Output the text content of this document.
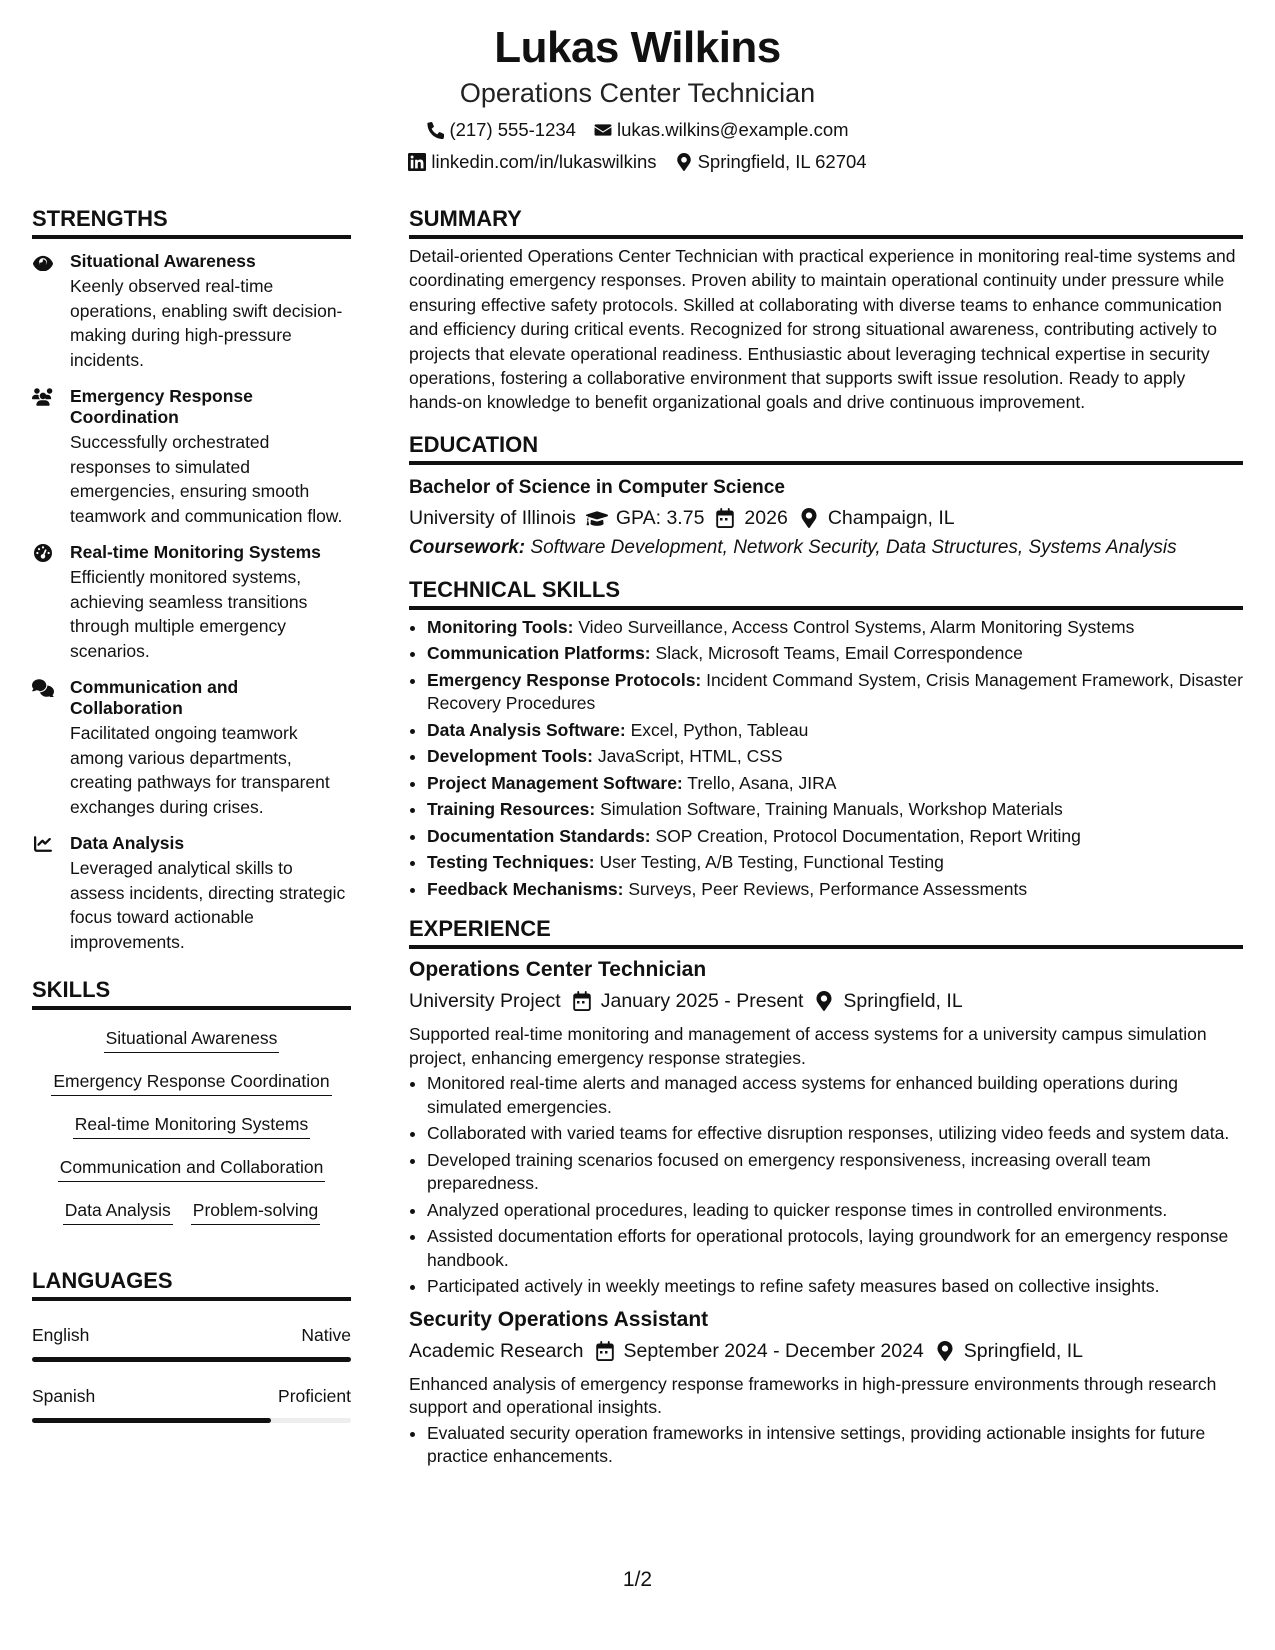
Lukas Wilkins
Operations Center Technician
(217) 555-1234 lukas.wilkins@example.com
linkedin.com/in/lukaswilkins Springfield, IL 62704
STRENGTHS
Situational Awareness
Keenly observed real-time operations, enabling swift decision-making during high-pressure incidents.
Emergency Response Coordination
Successfully orchestrated responses to simulated emergencies, ensuring smooth teamwork and communication flow.
Real-time Monitoring Systems
Efficiently monitored systems, achieving seamless transitions through multiple emergency scenarios.
Communication and Collaboration
Facilitated ongoing teamwork among various departments, creating pathways for transparent exchanges during crises.
Data Analysis
Leveraged analytical skills to assess incidents, directing strategic focus toward actionable improvements.
SKILLS
Situational Awareness
Emergency Response Coordination
Real-time Monitoring Systems
Communication and Collaboration
Data Analysis Problem-solving
LANGUAGES
English	Native
Spanish	Proficient
SUMMARY
Detail-oriented Operations Center Technician with practical experience in monitoring real-time systems and coordinating emergency responses. Proven ability to maintain operational continuity under pressure while ensuring effective safety protocols. Skilled at collaborating with diverse teams to enhance communication and efficiency during critical events. Recognized for strong situational awareness, contributing actively to projects that elevate operational readiness. Enthusiastic about leveraging technical expertise in security operations, fostering a collaborative environment that supports swift issue resolution. Ready to apply hands-on knowledge to benefit organizational goals and drive continuous improvement.
EDUCATION
Bachelor of Science in Computer Science
University of Illinois GPA: 3.75 2026 Champaign, IL
Coursework: Software Development, Network Security, Data Structures, Systems Analysis
TECHNICAL SKILLS
• Monitoring Tools: Video Surveillance, Access Control Systems, Alarm Monitoring Systems
• Communication Platforms: Slack, Microsoft Teams, Email Correspondence
• Emergency Response Protocols: Incident Command System, Crisis Management Framework, Disaster Recovery Procedures
• Data Analysis Software: Excel, Python, Tableau
• Development Tools: JavaScript, HTML, CSS
• Project Management Software: Trello, Asana, JIRA
• Training Resources: Simulation Software, Training Manuals, Workshop Materials
• Documentation Standards: SOP Creation, Protocol Documentation, Report Writing
• Testing Techniques: User Testing, A/B Testing, Functional Testing
• Feedback Mechanisms: Surveys, Peer Reviews, Performance Assessments
EXPERIENCE
Operations Center Technician
University Project January 2025 - Present Springfield, IL
Supported real-time monitoring and management of access systems for a university campus simulation project, enhancing emergency response strategies.
• Monitored real-time alerts and managed access systems for enhanced building operations during simulated emergencies.
• Collaborated with varied teams for effective disruption responses, utilizing video feeds and system data.
• Developed training scenarios focused on emergency responsiveness, increasing overall team preparedness.
• Analyzed operational procedures, leading to quicker response times in controlled environments.
• Assisted documentation efforts for operational protocols, laying groundwork for an emergency response handbook.
• Participated actively in weekly meetings to refine safety measures based on collective insights.
Security Operations Assistant
Academic Research September 2024 - December 2024 Springfield, IL
Enhanced analysis of emergency response frameworks in high-pressure environments through research support and operational insights.
• Evaluated security operation frameworks in intensive settings, providing actionable insights for future practice enhancements.
1/2
